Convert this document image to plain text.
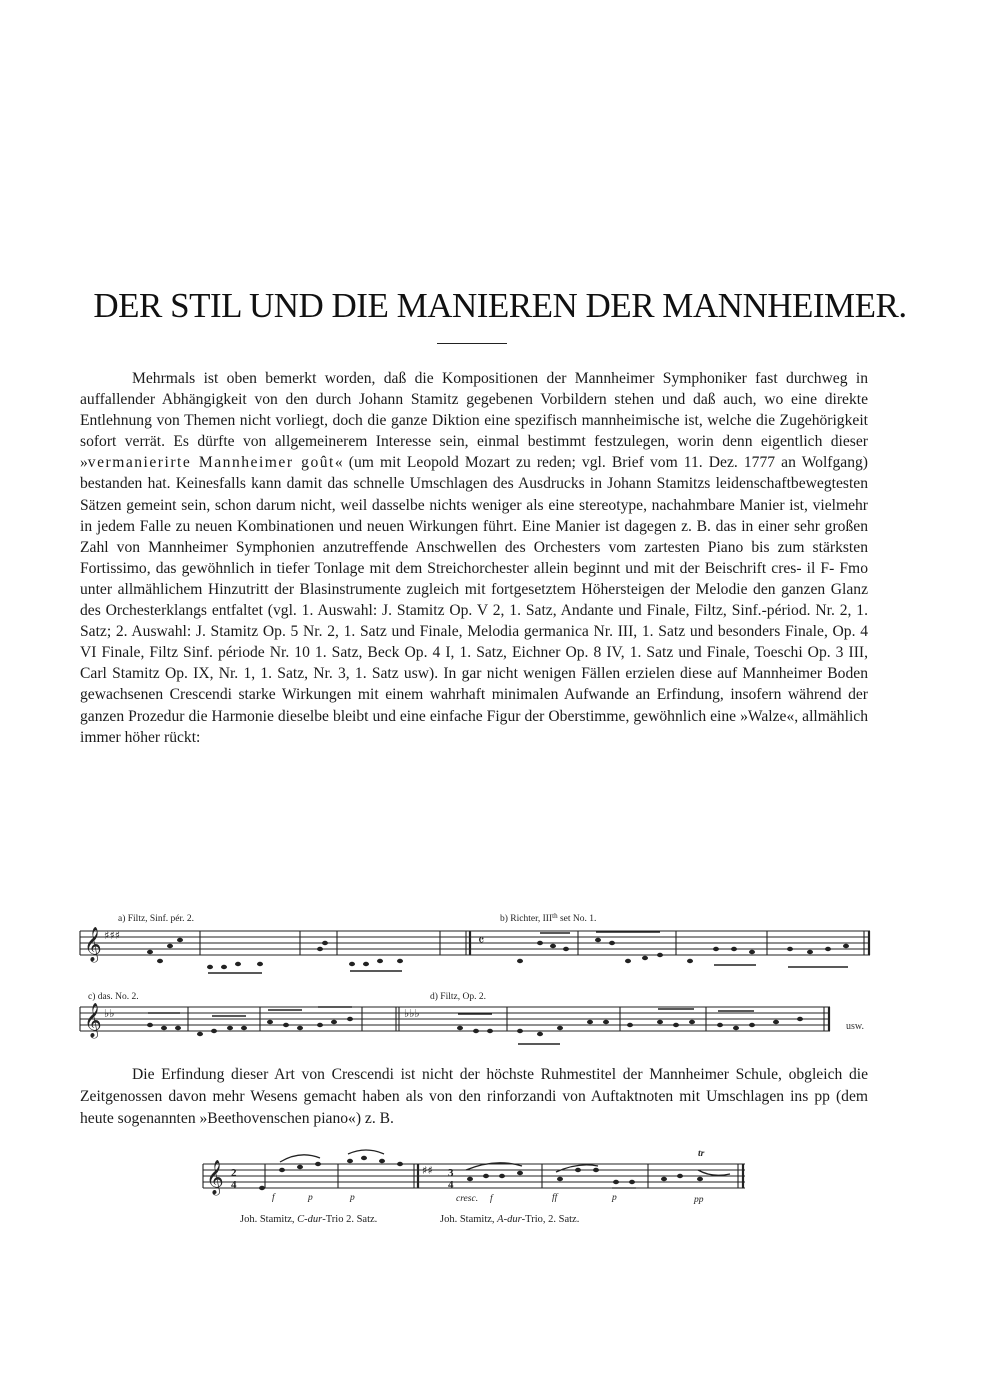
DER STIL UND DIE MANIEREN DER MANNHEIMER.

Mehrmals ist oben bemerkt worden, daß die Kompositionen der Mannheimer Symphoniker fast durchweg in auffallender Abhängigkeit von den durch Johann Stamitz gegebenen Vorbildern stehen und daß auch, wo eine direkte Entlehnung von Themen nicht vorliegt, doch die ganze Diktion eine spezifisch mannheimische ist, welche die Zugehörigkeit sofort verrät. Es dürfte von allgemeinerem Interesse sein, einmal bestimmt festzulegen, worin denn eigentlich dieser »vermanierirte Mannheimer goût« (um mit Leopold Mozart zu reden; vgl. Brief vom 11. Dez. 1777 an Wolfgang) bestanden hat. Keinesfalls kann damit das schnelle Umschlagen des Ausdrucks in Johann Stamitzs leidenschaftbewegtesten Sätzen gemeint sein, schon darum nicht, weil dasselbe nichts weniger als eine stereotype, nachahmbare Manier ist, vielmehr in jedem Falle zu neuen Kombinationen und neuen Wirkungen führt. Eine Manier ist dagegen z. B. das in einer sehr großen Zahl von Mannheimer Symphonien anzutreffende Anschwellen des Orchesters vom zartesten Piano bis zum stärksten Fortissimo, das gewöhnlich in tiefer Tonlage mit dem Streichorchester allein beginnt und mit der Beischrift cres- il F- Fmo unter allmählichem Hinzutritt der Blasinstrumente zugleich mit fortgesetztem Höhersteigen der Melodie den ganzen Glanz des Orchesterklangs entfaltet (vgl. 1. Auswahl: J. Stamitz Op. V 2, 1. Satz, Andante und Finale, Filtz, Sinf.-périod. Nr. 2, 1. Satz; 2. Auswahl: J. Stamitz Op. 5 Nr. 2, 1. Satz und Finale, Melodia germanica Nr. III, 1. Satz und besonders Finale, Op. 4 VI Finale, Filtz Sinf. période Nr. 10 1. Satz, Beck Op. 4 I, 1. Satz, Eichner Op. 8 IV, 1. Satz und Finale, Toeschi Op. 3 III, Carl Stamitz Op. IX, Nr. 1, 1. Satz, Nr. 3, 1. Satz usw). In gar nicht wenigen Fällen erzielen diese auf Mannheimer Boden gewachsenen Crescendi starke Wirkungen mit einem wahrhaft minimalen Aufwande an Erfindung, insofern während der ganzen Prozedur die Harmonie dieselbe bleibt und eine einfache Figur der Oberstimme, gewöhnlich eine »Walze«, allmählich immer höher rückt:

𝄞 ♯♯♯	𝄴
a) Filtz, Sinf. pér. 2.	b) Richter, IIIth set No. 1.
𝄞 ♭♭	♭♭♭
c) das. No. 2.	d) Filtz, Op. 2.
usw.

Die Erfindung dieser Art von Crescendi ist nicht der höchste Ruhmestitel der Mannheimer Schule, obgleich die Zeitgenossen davon mehr Wesens gemacht haben als von den rinforzandi von Auftaktnoten mit Umschlagen ins pp (dem heute sogenannten »Beethovenschen piano«) z. B.

𝄞 2
4
♯♯ 3
4
f	p	p	cresc. f	ff	p
tr
pp
Joh. Stamitz, C-dur-Trio 2. Satz.	Joh. Stamitz, A-dur-Trio, 2. Satz.
